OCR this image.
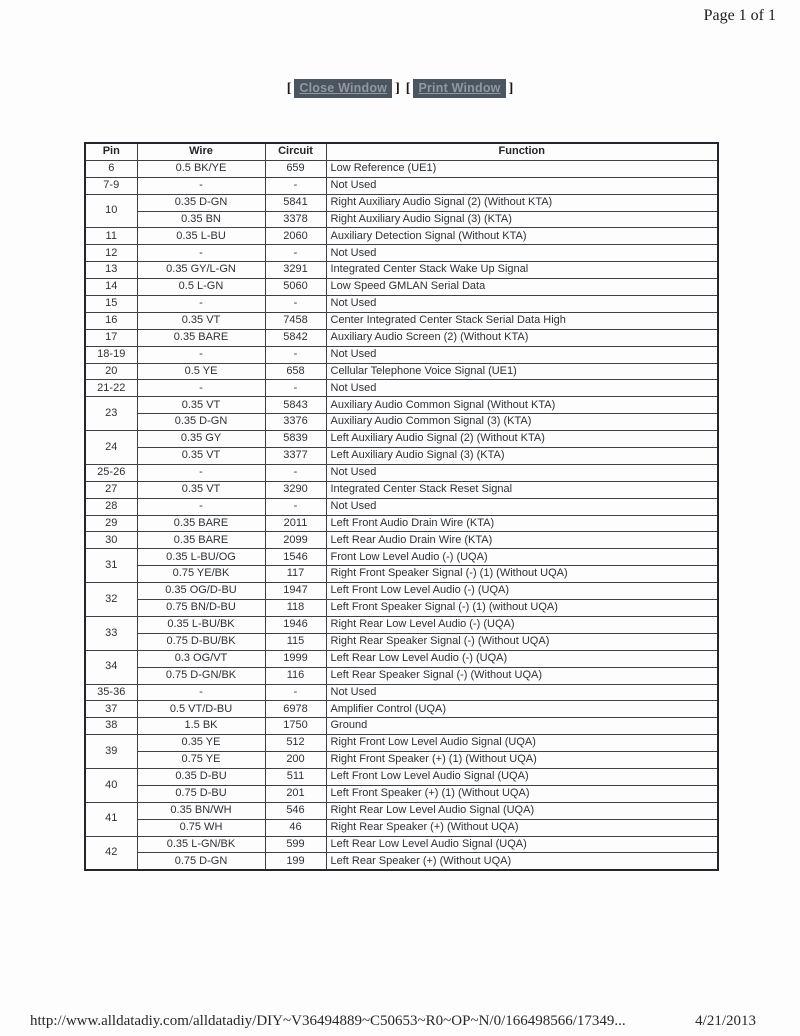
Page 1 of 1
[ Close Window ] [ Print Window ]
Pin	Wire	Circuit	Function
6	0.5 BK/YE	659	Low Reference (UE1)
7-9	-	-	Not Used
10	0.35 D-GN	5841	Right Auxiliary Audio Signal (2) (Without KTA)
	0.35 BN	3378	Right Auxiliary Audio Signal (3) (KTA)
11	0.35 L-BU	2060	Auxiliary Detection Signal (Without KTA)
12	-	-	Not Used
13	0.35 GY/L-GN	3291	Integrated Center Stack Wake Up Signal
14	0.5 L-GN	5060	Low Speed GMLAN Serial Data
15	-	-	Not Used
16	0.35 VT	7458	Center Integrated Center Stack Serial Data High
17	0.35 BARE	5842	Auxiliary Audio Screen (2) (Without KTA)
18-19	-	-	Not Used
20	0.5 YE	658	Cellular Telephone Voice Signal (UE1)
21-22	-	-	Not Used
23	0.35 VT	5843	Auxiliary Audio Common Signal (Without KTA)
	0.35 D-GN	3376	Auxiliary Audio Common Signal (3) (KTA)
24	0.35 GY	5839	Left Auxiliary Audio Signal (2) (Without KTA)
	0.35 VT	3377	Left Auxiliary Audio Signal (3) (KTA)
25-26	-	-	Not Used
27	0.35 VT	3290	Integrated Center Stack Reset Signal
28	-	-	Not Used
29	0.35 BARE	2011	Left Front Audio Drain Wire (KTA)
30	0.35 BARE	2099	Left Rear Audio Drain Wire (KTA)
31	0.35 L-BU/OG	1546	Front Low Level Audio (-) (UQA)
	0.75 YE/BK	117	Right Front Speaker Signal (-) (1) (Without UQA)
32	0.35 OG/D-BU	1947	Left Front Low Level Audio (-) (UQA)
	0.75 BN/D-BU	118	Left Front Speaker Signal (-) (1) (without UQA)
33	0.35 L-BU/BK	1946	Right Rear Low Level Audio (-) (UQA)
	0.75 D-BU/BK	115	Right Rear Speaker Signal (-) (Without UQA)
34	0.3 OG/VT	1999	Left Rear Low Level Audio (-) (UQA)
	0.75 D-GN/BK	116	Left Rear Speaker Signal (-) (Without UQA)
35-36	-	-	Not Used
37	0.5 VT/D-BU	6978	Amplifier Control (UQA)
38	1.5 BK	1750	Ground
39	0.35 YE	512	Right Front Low Level Audio Signal (UQA)
	0.75 YE	200	Right Front Speaker (+) (1) (Without UQA)
40	0.35 D-BU	511	Left Front Low Level Audio Signal (UQA)
	0.75 D-BU	201	Left Front Speaker (+) (1) (Without UQA)
41	0.35 BN/WH	546	Right Rear Low Level Audio Signal (UQA)
	0.75 WH	46	Right Rear Speaker (+) (Without UQA)
42	0.35 L-GN/BK	599	Left Rear Low Level Audio Signal (UQA)
	0.75 D-GN	199	Left Rear Speaker (+) (Without UQA)
http://www.alldatadiy.com/alldatadiy/DIY~V36494889~C50653~R0~OP~N/0/166498566/17349...	4/21/2013
